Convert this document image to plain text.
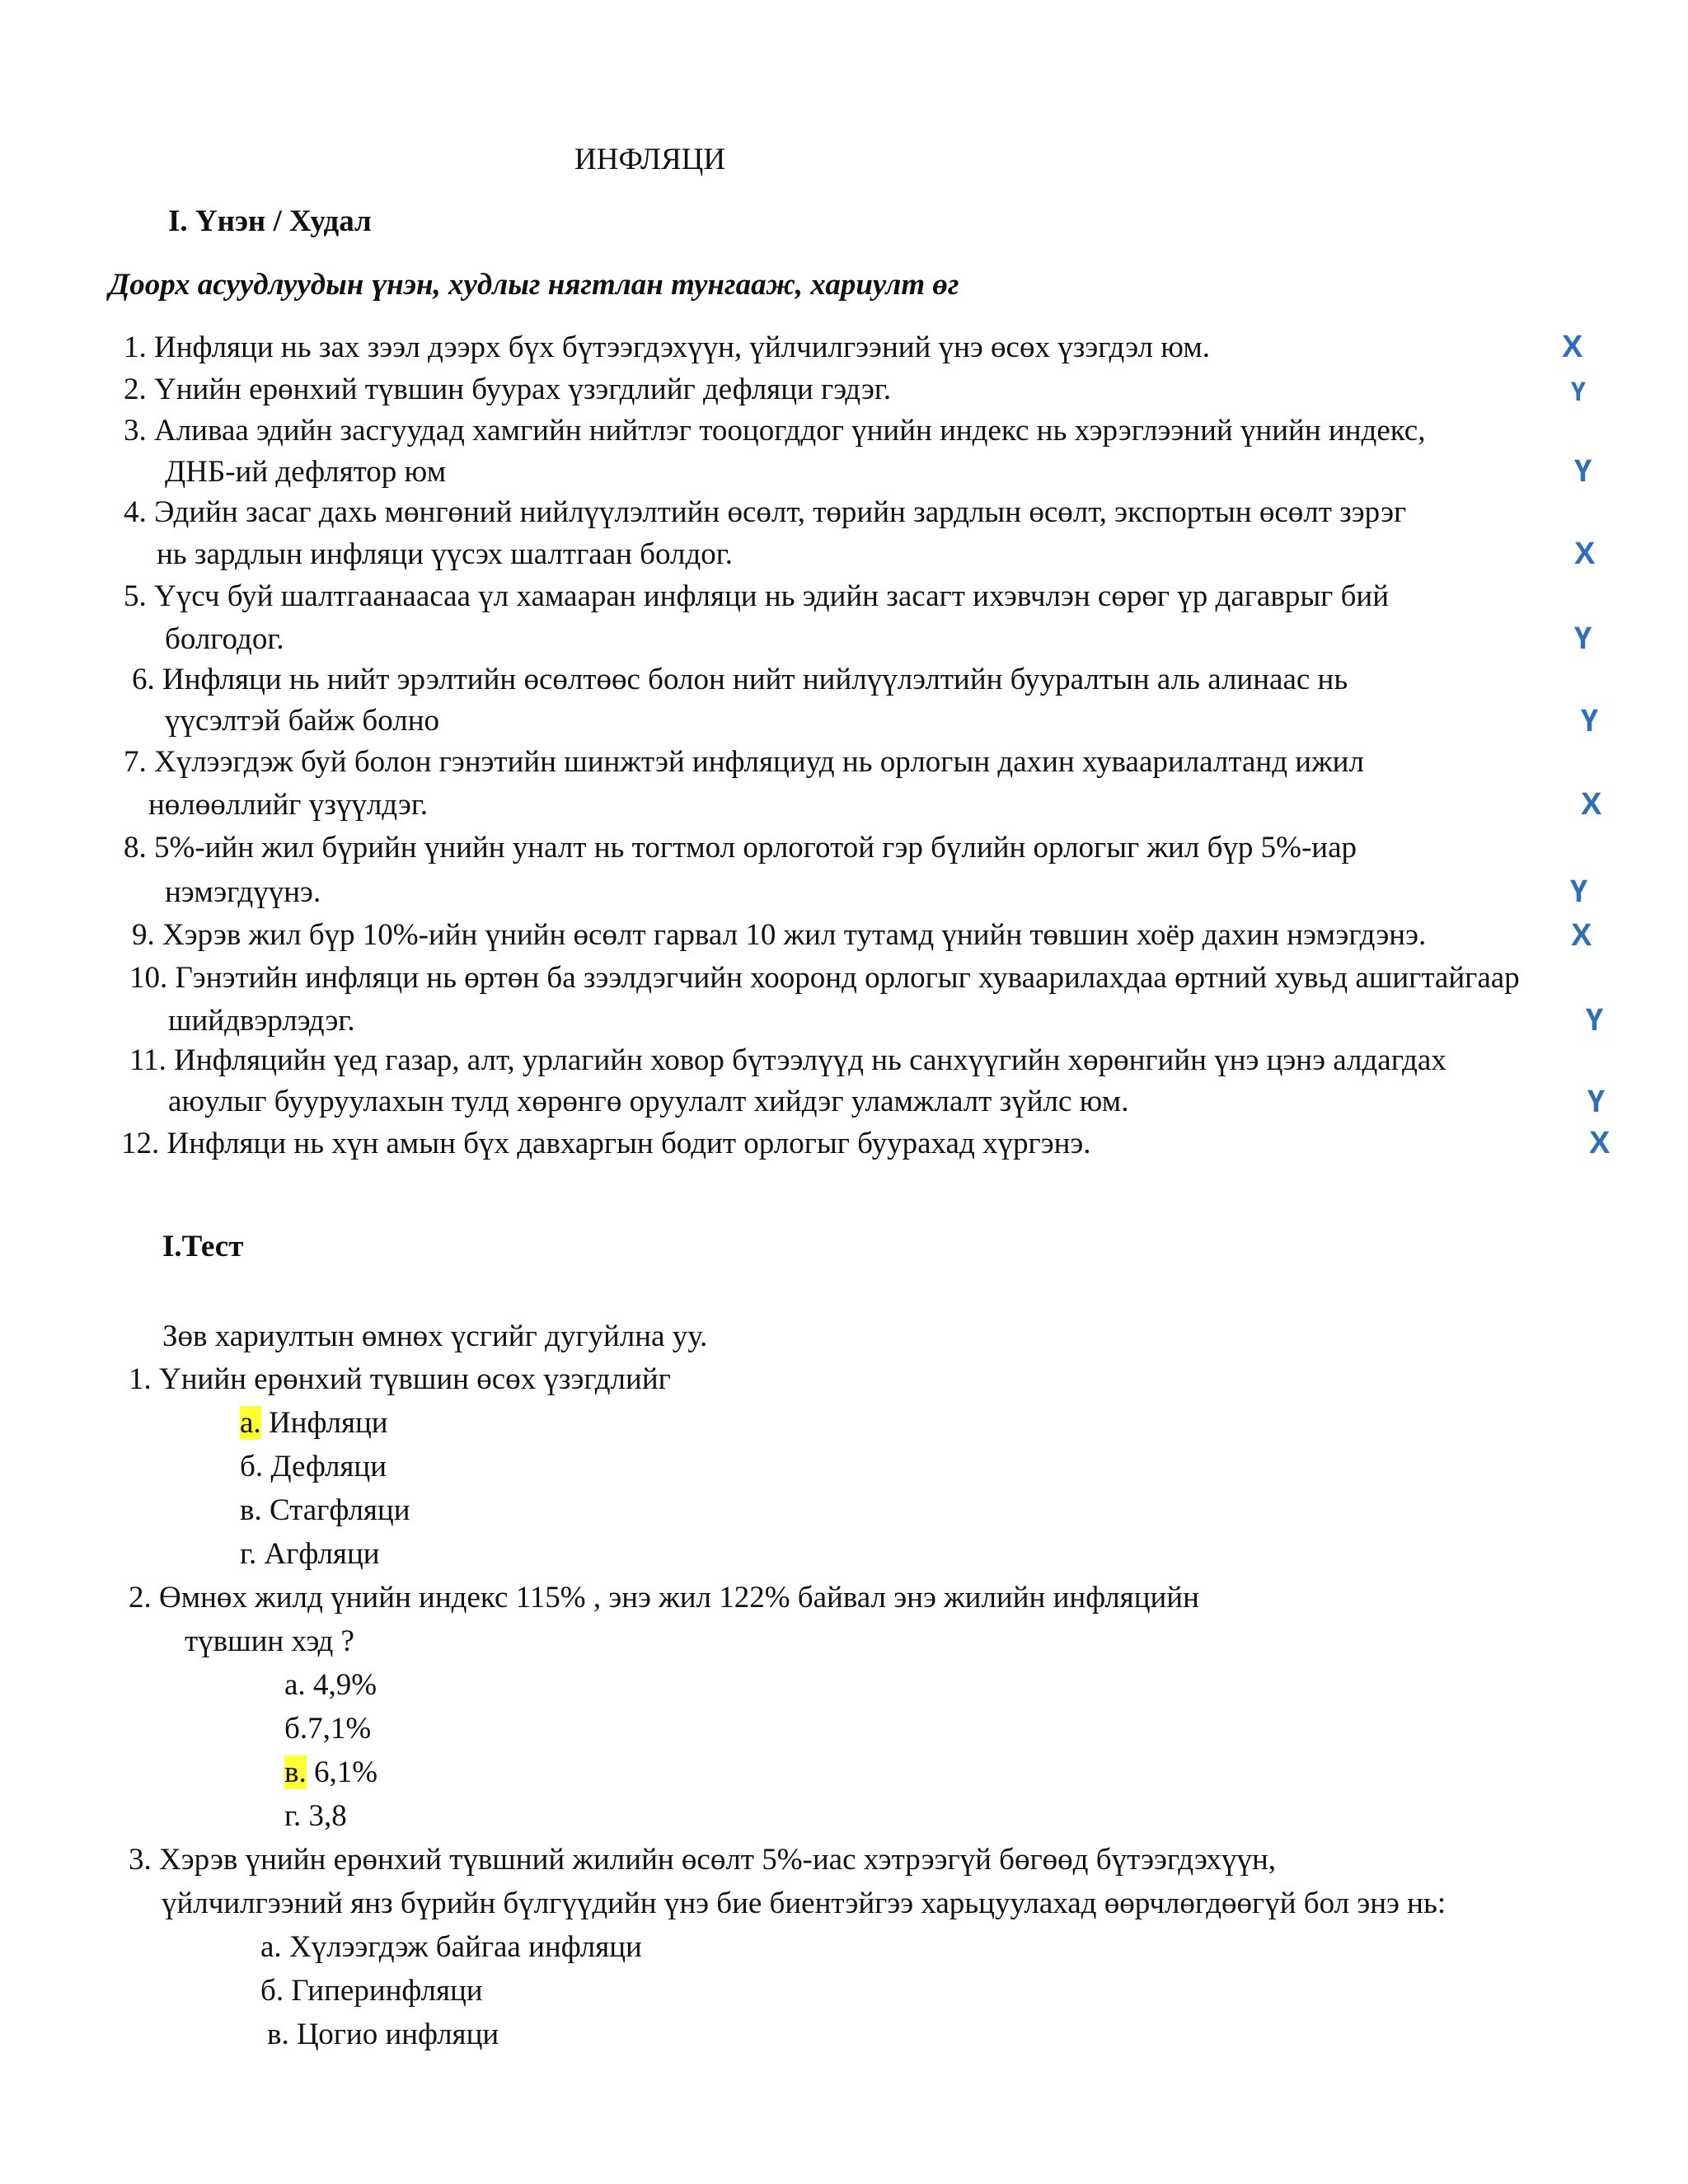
ИНФЛЯЦИ
I. Үнэн / Худал
Доорх асуудлуудын үнэн, худлыг нягтлан тунгааж, хариулт өг
1. Инфляци нь зах зээл дээрх бүх бүтээгдэхүүн, үйлчилгээний үнэ өсөх үзэгдэл юм.	Х
2. Үнийн ерөнхий түвшин буурах үзэгдлийг дефляци гэдэг.	Ү
3. Аливаа эдийн засгуудад хамгийн нийтлэг тооцогддог үнийн индекс нь хэрэглээний үнийн индекс,
ДНБ-ий дефлятор юм	Ү
4. Эдийн засаг дахь мөнгөний нийлүүлэлтийн өсөлт, төрийн зардлын өсөлт, экспортын өсөлт зэрэг
нь зардлын инфляци үүсэх шалтгаан болдог.	Х
5. Үүсч буй шалтгаанаасаа үл хамааран инфляци нь эдийн засагт ихэвчлэн сөрөг үр дагаврыг бий
болгодог.	Ү
6. Инфляци нь нийт эрэлтийн өсөлтөөс болон нийт нийлүүлэлтийн бууралтын аль алинаас нь
үүсэлтэй байж болно	Ү
7. Хүлээгдэж буй болон гэнэтийн шинжтэй инфляциуд нь орлогын дахин хуваарилалтанд ижил
нөлөөллийг үзүүлдэг.	Х
8. 5%-ийн жил бүрийн үнийн уналт нь тогтмол орлоготой гэр бүлийн орлогыг жил бүр 5%-иар
нэмэгдүүнэ.	Ү
9. Хэрэв жил бүр 10%-ийн үнийн өсөлт гарвал 10 жил тутамд үнийн төвшин хоёр дахин нэмэгдэнэ.	Х
10. Гэнэтийн инфляци нь өртөн ба зээлдэгчийн хооронд орлогыг хуваарилахдаа өртний хувьд ашигтайгаар
шийдвэрлэдэг.	Ү
11. Инфляцийн үед газар, алт, урлагийн ховор бүтээлүүд нь санхүүгийн хөрөнгийн үнэ цэнэ алдагдах
аюулыг бууруулахын тулд хөрөнгө оруулалт хийдэг уламжлалт зүйлс юм.	Ү
12. Инфляци нь хүн амын бүх давхаргын бодит орлогыг буурахад хүргэнэ.	Х
I.Тест
Зөв хариултын өмнөх үсгийг дугуйлна уу.
1. Үнийн ерөнхий түвшин өсөх үзэгдлийг
а. Инфляци
б. Дефляци
в. Стагфляци
г. Агфляци
2. Өмнөх жилд үнийн индекс 115% , энэ жил 122% байвал энэ жилийн инфляцийн
түвшин хэд ?
а. 4,9%
б.7,1%
в. 6,1%
г. 3,8
3. Хэрэв үнийн ерөнхий түвшний жилийн өсөлт 5%-иас хэтрээгүй бөгөөд бүтээгдэхүүн,
үйлчилгээний янз бүрийн бүлгүүдийн үнэ бие биентэйгээ харьцуулахад өөрчлөгдөөгүй бол энэ нь:
а. Хүлээгдэж байгаа инфляци
б. Гиперинфляци
в. Цогио инфляци
